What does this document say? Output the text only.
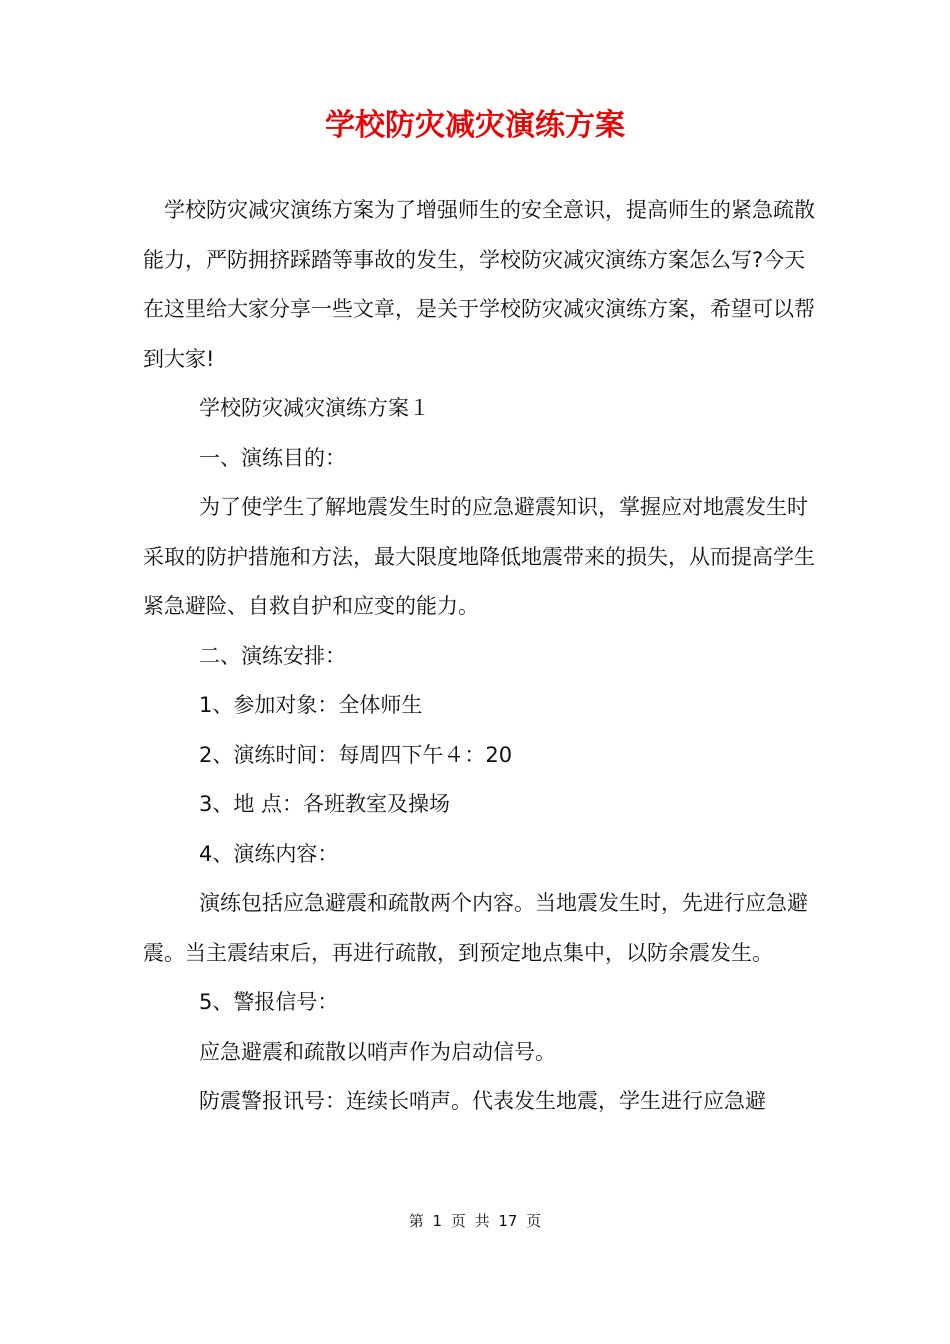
学校防灾减灾演练方案

学校防灾减灾演练方案为了增强师生的安全意识，提高师生的紧急疏散能力，严防拥挤踩踏等事故的发生，学校防灾减灾演练方案怎么写?今天在这里给大家分享一些文章，是关于学校防灾减灾演练方案，希望可以帮到大家!

学校防灾减灾演练方案１

一、演练目的：

为了使学生了解地震发生时的应急避震知识，掌握应对地震发生时采取的防护措施和方法，最大限度地降低地震带来的损失，从而提高学生紧急避险、自救自护和应变的能力。

二、演练安排：

1、参加对象：全体师生

2、演练时间：每周四下午４：20

3、地 点：各班教室及操场

4、演练内容：

演练包括应急避震和疏散两个内容。当地震发生时，先进行应急避震。当主震结束后，再进行疏散，到预定地点集中，以防余震发生。

5、警报信号：

应急避震和疏散以哨声作为启动信号。

防震警报讯号：连续长哨声。代表发生地震，学生进行应急避

第 1 页 共 17 页
